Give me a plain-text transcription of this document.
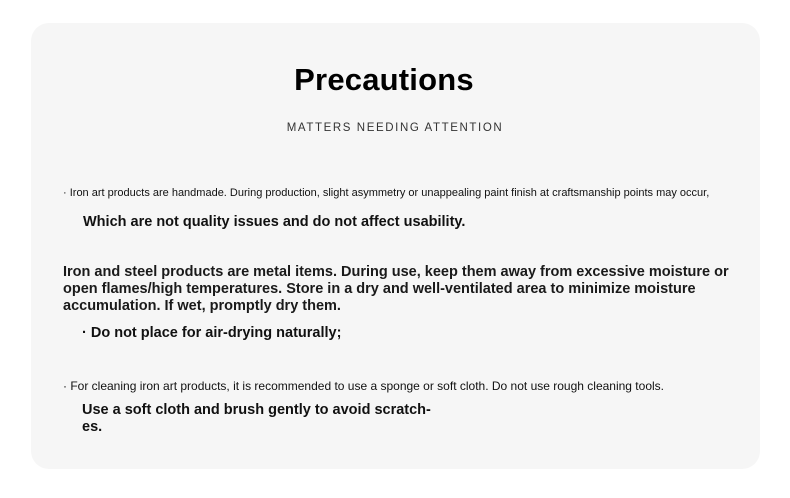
Precautions
MATTERS NEEDING ATTENTION
· Iron art products are handmade. During production, slight asymmetry or unappealing paint finish at craftsmanship points may occur,
Which are not quality issues and do not affect usability.
Iron and steel products are metal items. During use, keep them away from excessive moisture or open flames/high temperatures. Store in a dry and well-ventilated area to minimize moisture accumulation. If wet, promptly dry them.
· Do not place for air-drying naturally;
· For cleaning iron art products, it is recommended to use a sponge or soft cloth. Do not use rough cleaning tools.
Use a soft cloth and brush gently to avoid scratch-
es.
